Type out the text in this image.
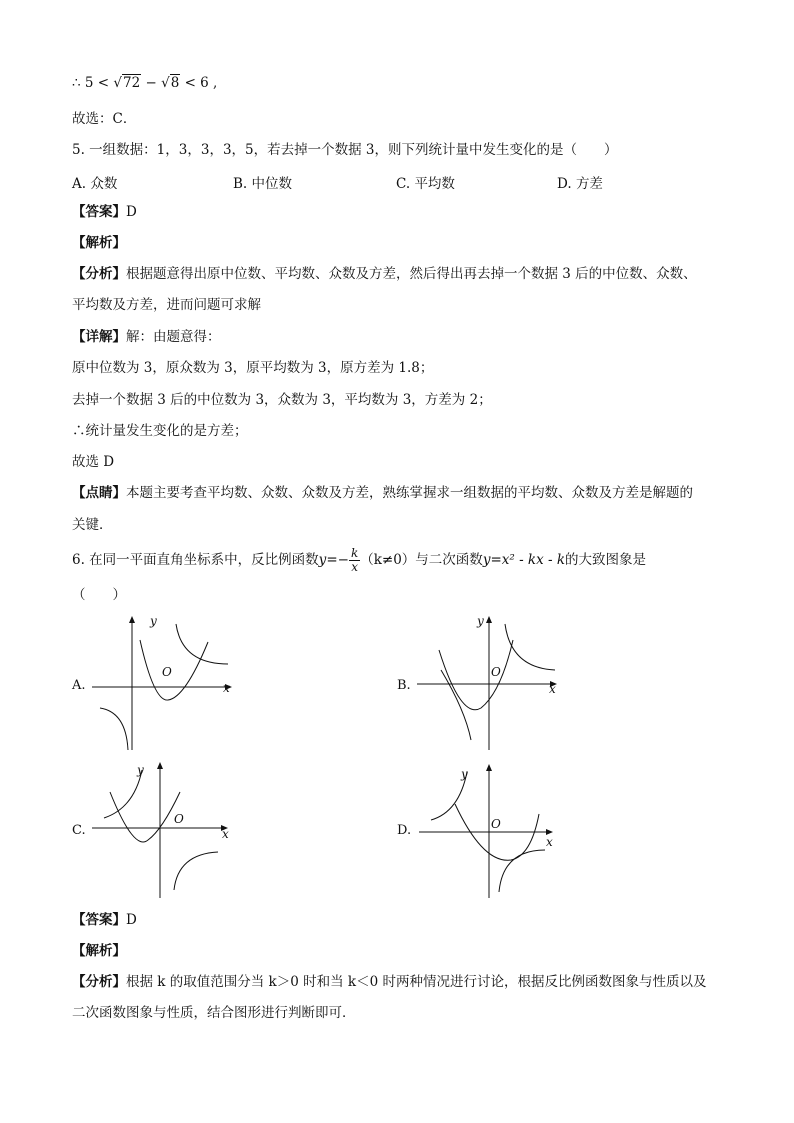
∴ 5 < √72 − √8 < 6 ,
故选：C．
5. 一组数据：1，3，3，3，5，若去掉一个数据 3，则下列统计量中发生变化的是（　　）
A. 众数	B. 中位数	C. 平均数	D. 方差
【答案】D
【解析】
【分析】根据题意得出原中位数、平均数、众数及方差，然后得出再去掉一个数据 3 后的中位数、众数、
平均数及方差，进而问题可求解
【详解】解：由题意得：
原中位数为 3，原众数为 3，原平均数为 3，原方差为 1.8；
去掉一个数据 3 后的中位数为 3，众数为 3，平均数为 3，方差为 2；
∴统计量发生变化的是方差；
故选 D
【点睛】本题主要考查平均数、众数、众数及方差，熟练掌握求一组数据的平均数、众数及方差是解题的
关键．
6. 在同一平面直角坐标系中，反比例函数$y=- \frac{k}{x} (k\ne 0)$与二次函数y=x² - kx - k的大致图象是
（　　）
A.	x
y
O
B.	x
y
O
C.	x
y
O
D.
x
y
O
【答案】D
【解析】
【分析】根据 k 的取值范围分当 k＞0 时和当 k＜0 时两种情况进行讨论，根据反比例函数图象与性质以及
二次函数图象与性质，结合图形进行判断即可．
